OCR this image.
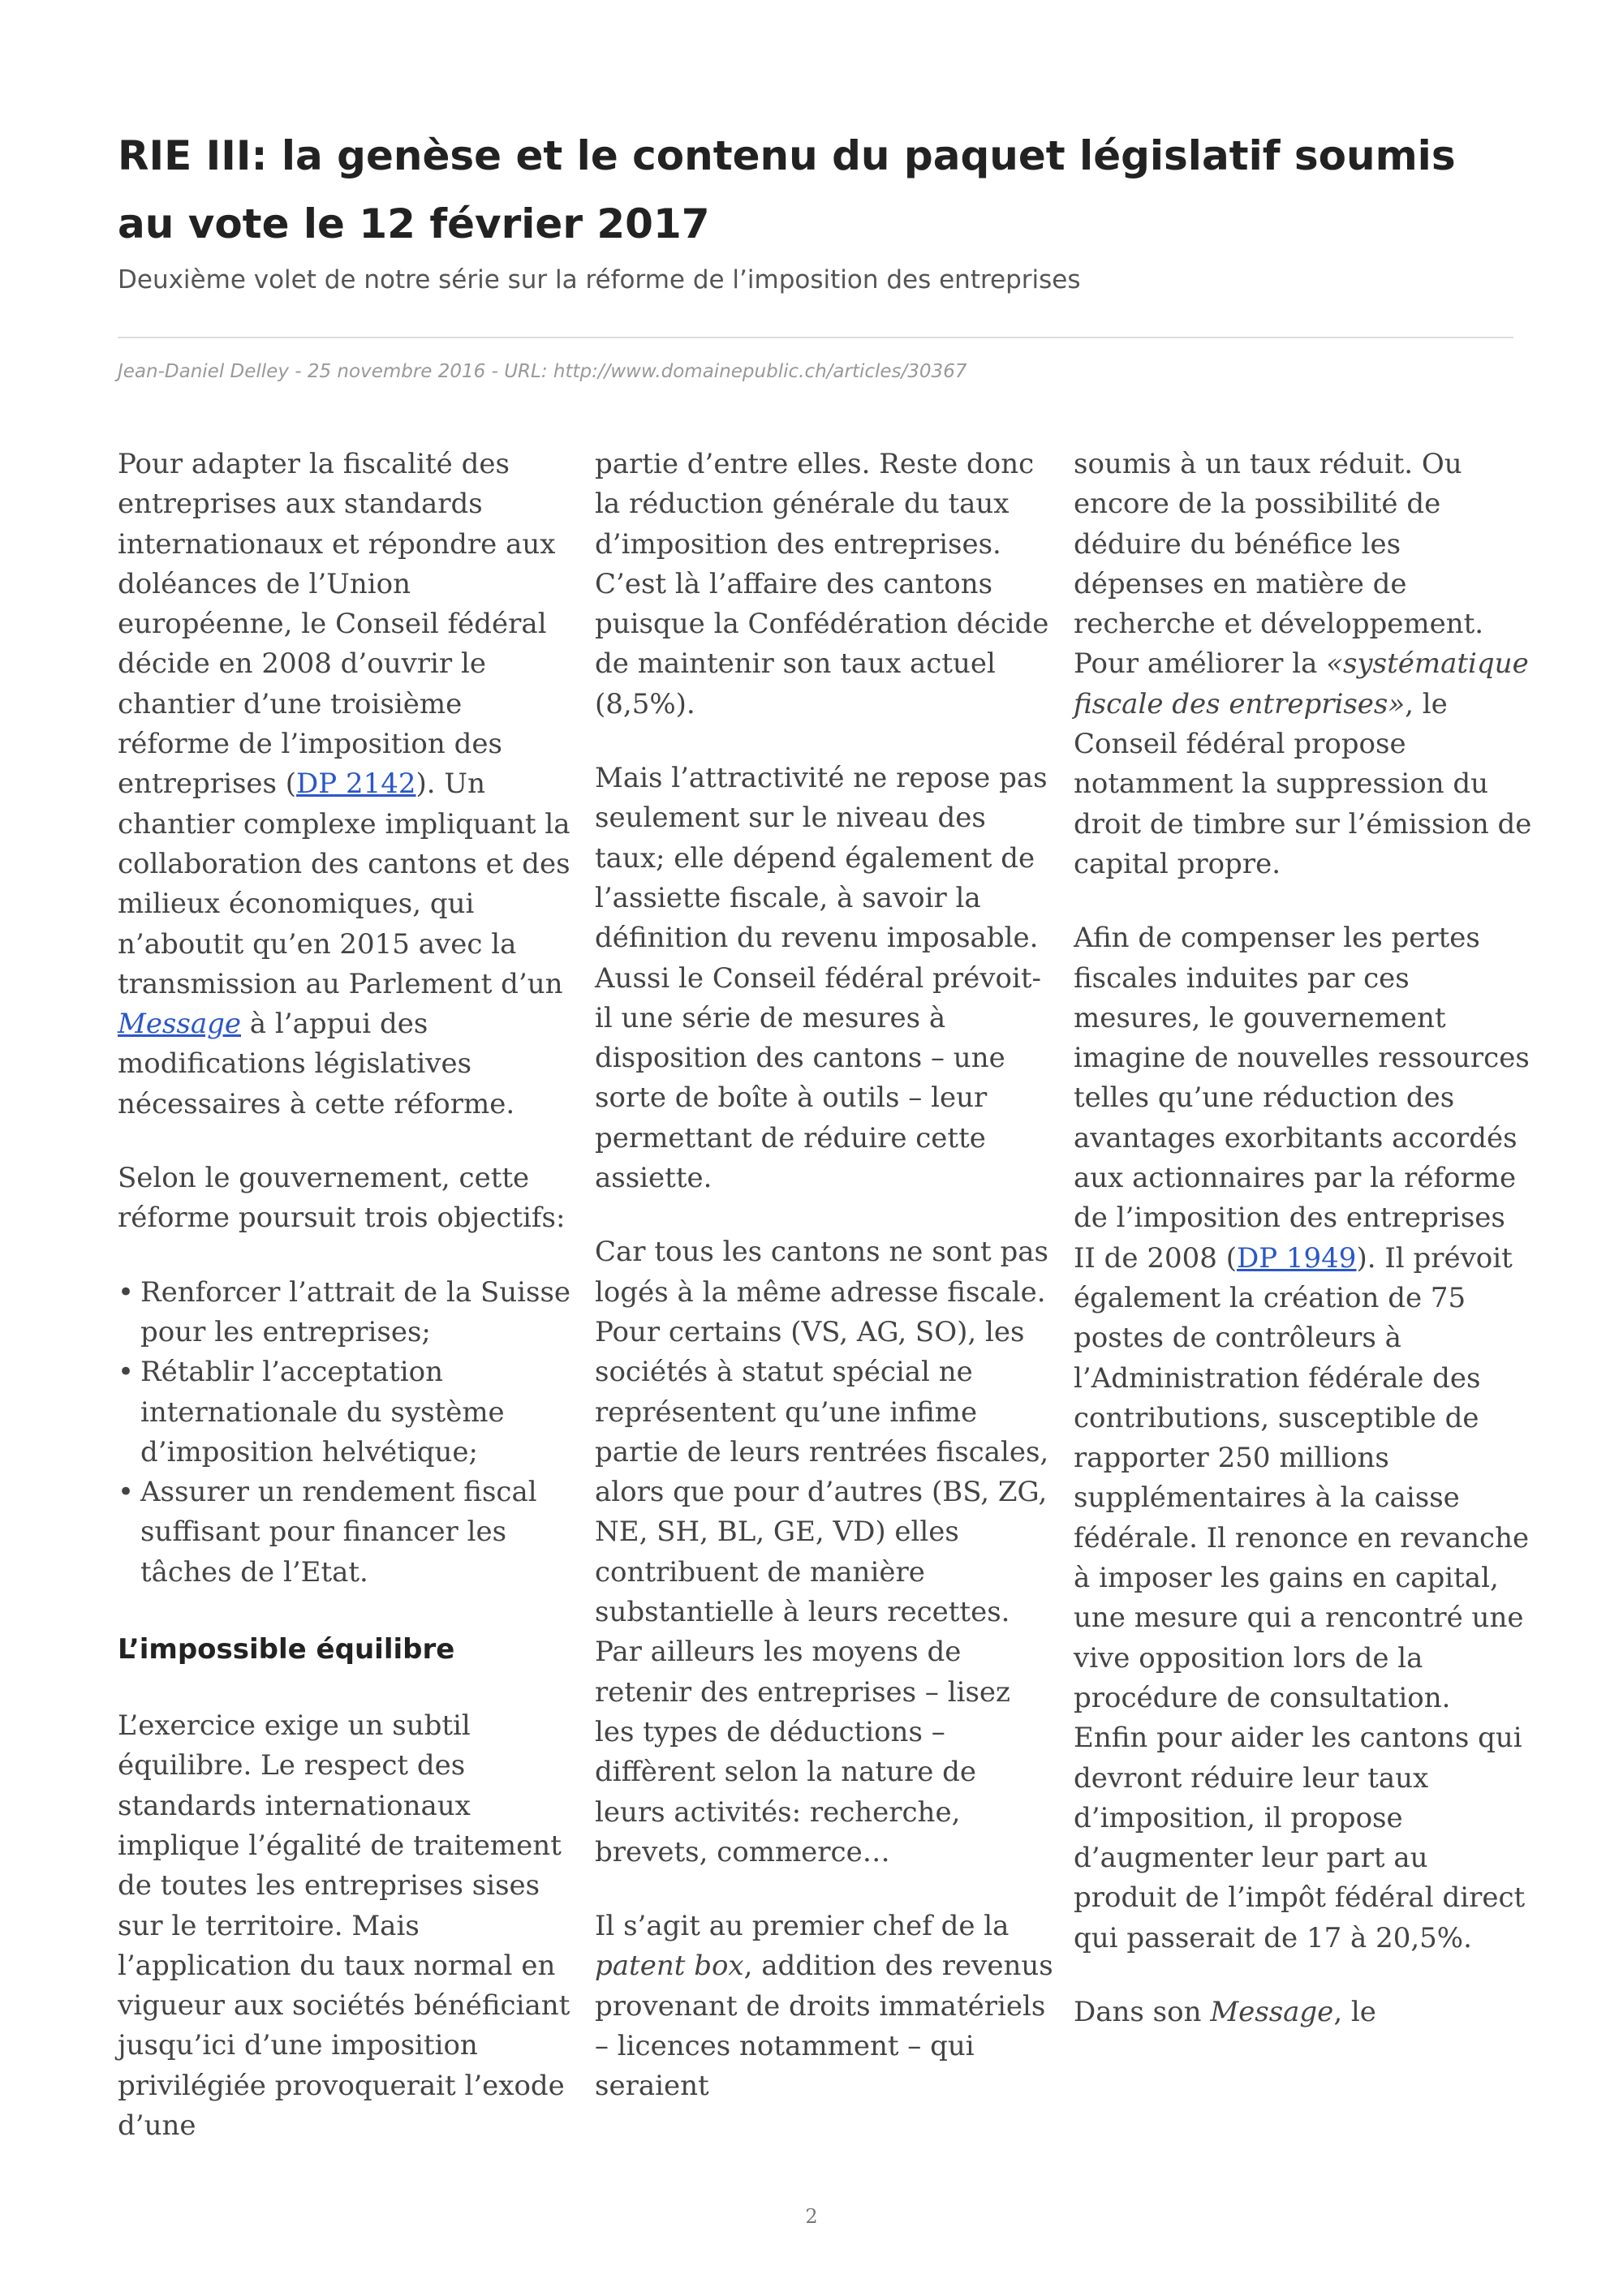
RIE III: la genèse et le contenu du paquet législatif soumis au vote le 12 février 2017

Deuxième volet de notre série sur la réforme de l’imposition des entreprises

Jean-Daniel Delley - 25 novembre 2016 - URL: http://www.domainepublic.ch/articles/30367

Pour adapter la fiscalité des entreprises aux standards internationaux et répondre aux doléances de l’Union européenne, le Conseil fédéral décide en 2008 d’ouvrir le chantier d’une troisième réforme de l’imposition des entreprises (DP 2142). Un chantier complexe impliquant la collaboration des cantons et des milieux économiques, qui n’aboutit qu’en 2015 avec la transmission au Parlement d’un Message à l’appui des modifications législatives nécessaires à cette réforme.

Selon le gouvernement, cette réforme poursuit trois objectifs:

• Renforcer l’attrait de la Suisse pour les entreprises;
• Rétablir l’acceptation internationale du système d’imposition helvétique;
• Assurer un rendement fiscal suffisant pour financer les tâches de l’Etat.
L’impossible équilibre

L’exercice exige un subtil équilibre. Le respect des standards internationaux implique l’égalité de traitement de toutes les entreprises sises sur le territoire. Mais l’application du taux normal en vigueur aux sociétés bénéficiant jusqu’ici d’une imposition privilégiée provoquerait l’exode d’une

partie d’entre elles. Reste donc la réduction générale du taux d’imposition des entreprises. C’est là l’affaire des cantons puisque la Confédération décide de maintenir son taux actuel (8,5%).

Mais l’attractivité ne repose pas seulement sur le niveau des taux; elle dépend également de l’assiette fiscale, à savoir la définition du revenu imposable. Aussi le Conseil fédéral prévoit-il une série de mesures à disposition des cantons – une sorte de boîte à outils – leur permettant de réduire cette assiette.

Car tous les cantons ne sont pas logés à la même adresse fiscale. Pour certains (VS, AG, SO), les sociétés à statut spécial ne représentent qu’une infime partie de leurs rentrées fiscales, alors que pour d’autres (BS, ZG, NE, SH, BL, GE, VD) elles contribuent de manière substantielle à leurs recettes. Par ailleurs les moyens de retenir des entreprises – lisez les types de déductions – diffèrent selon la nature de leurs activités: recherche, brevets, commerce…

Il s’agit au premier chef de la patent box, addition des revenus provenant de droits immatériels – licences notamment – qui seraient

soumis à un taux réduit. Ou encore de la possibilité de déduire du bénéfice les dépenses en matière de recherche et développement. Pour améliorer la «systématique fiscale des entreprises», le Conseil fédéral propose notamment la suppression du droit de timbre sur l’émission de capital propre.

Afin de compenser les pertes fiscales induites par ces mesures, le gouvernement imagine de nouvelles ressources telles qu’une réduction des avantages exorbitants accordés aux actionnaires par la réforme de l’imposition des entreprises II de 2008 (DP 1949). Il prévoit également la création de 75 postes de contrôleurs à l’Administration fédérale des contributions, susceptible de rapporter 250 millions supplémentaires à la caisse fédérale. Il renonce en revanche à imposer les gains en capital, une mesure qui a rencontré une vive opposition lors de la procédure de consultation. Enfin pour aider les cantons qui devront réduire leur taux d’imposition, il propose d’augmenter leur part au produit de l’impôt fédéral direct qui passerait de 17 à 20,5%.

Dans son Message, le

2
